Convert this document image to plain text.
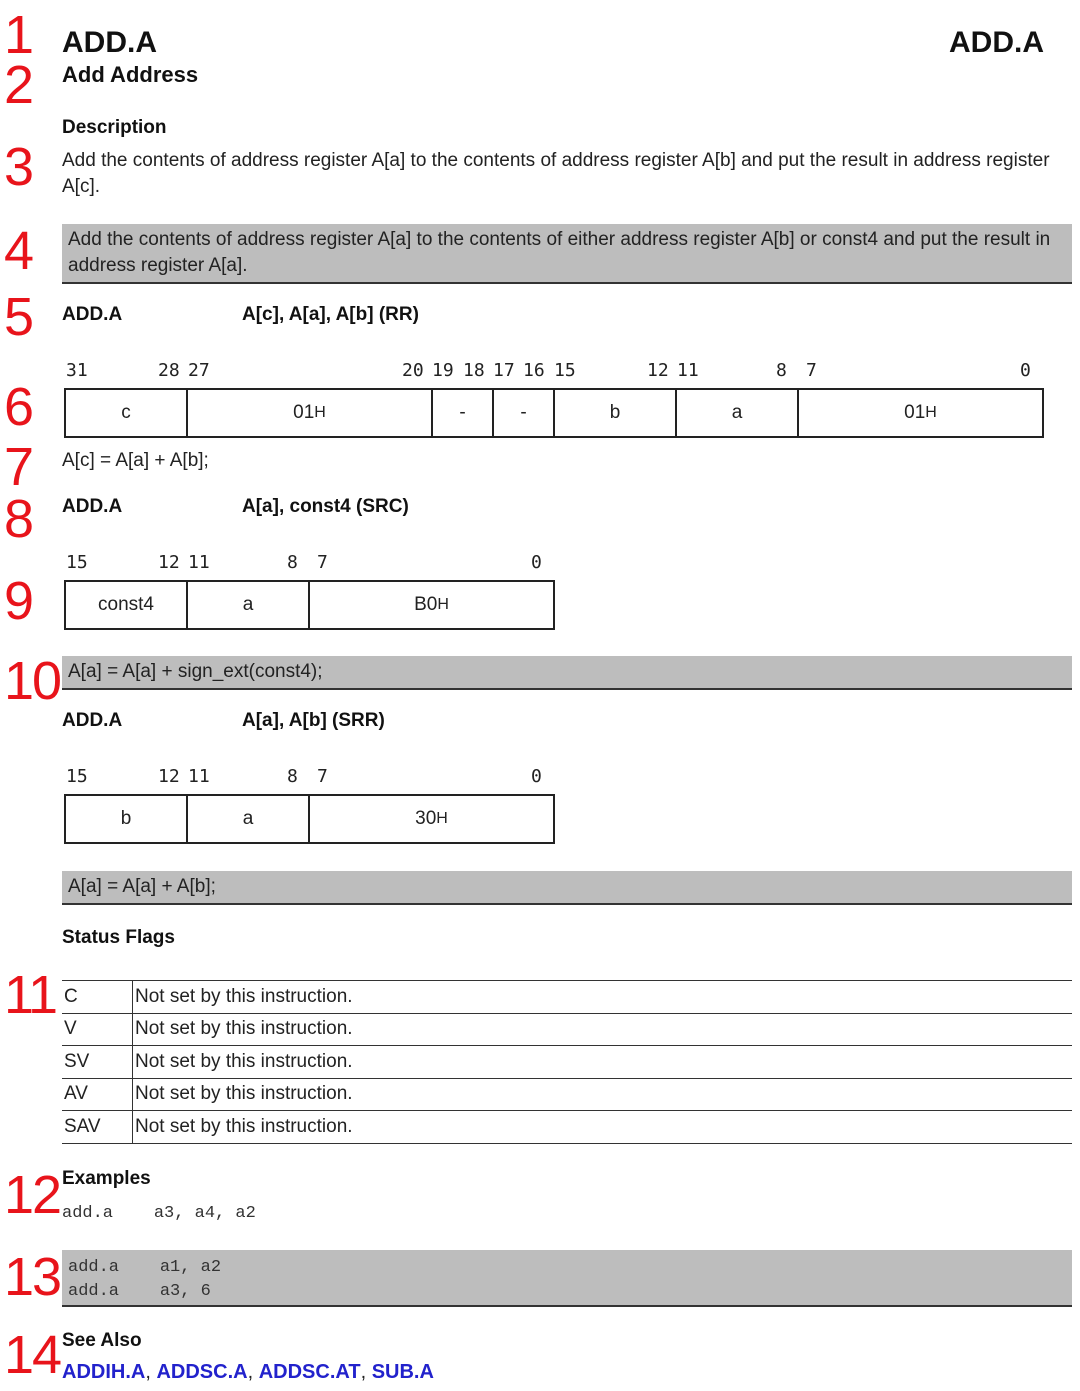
1
2
3
4
5
6
7
8
9
10
11
12
13
14
ADD.A	ADD.A
Add Address
Description
Add the contents of address register A[a] to the contents of address register A[b] and put the result in address register A[c].
Add the contents of address register A[a] to the contents of either address register A[b] or const4 and put the result in address register A[a].
ADD.A	A[c], A[a], A[b] (RR)
31	28 27	20 19 18 17 16 15	12 11	8 7	0
c	01 H	-	-	b	a	01 H
A[c] = A[a] + A[b];
ADD.A	A[a], const4 (SRC)
15	12 11	8 7	0
const4	a	B0 H
A[a] = A[a] + sign_ext(const4);
ADD.A	A[a], A[b] (SRR)
15	12 11	8 7	0
b	a	30 H
A[a] = A[a] + A[b];
Status Flags
C	Not set by this instruction.
V	Not set by this instruction.
SV	Not set by this instruction.
AV	Not set by this instruction.
SAV	Not set by this instruction.
Examples
add.a    a3, a4, a2
add.a    a1, a2
add.a    a3, 6
See Also
ADDIH.A, ADDSC.A, ADDSC.AT, SUB.A
